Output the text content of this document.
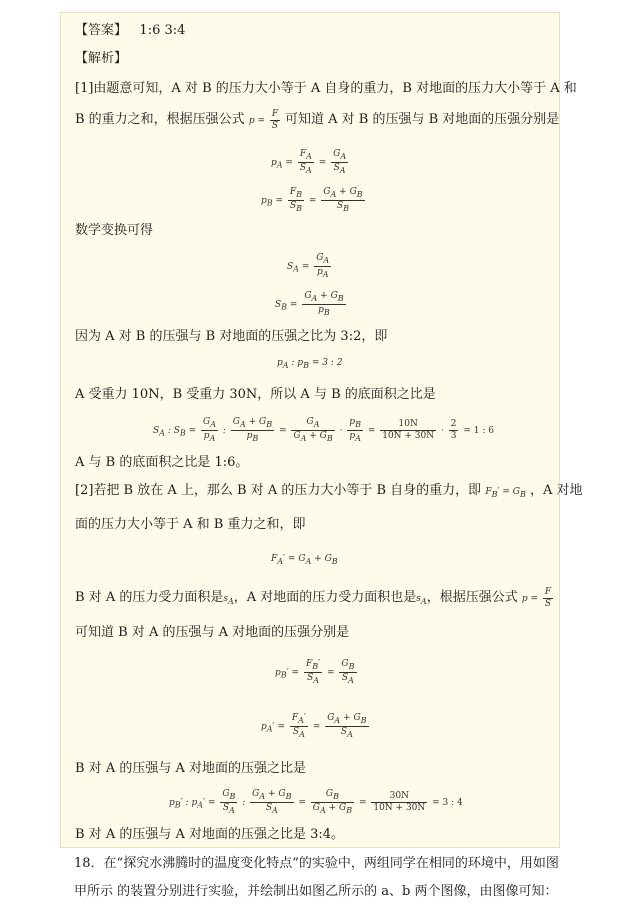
【答案】 1:6 3:4
【解析】
[1]由题意可知，A 对 B 的压力大小等于 A 自身的重力，B 对地面的压力大小等于 A 和
B 的重力之和，根据压强公式 $p = \frac{F}{S}$ 可知道 A 对 B 的压强与 B 对地面的压强分别是
$p_A = \frac{F_A}{S_A} = \frac{G_A}{S_A}$
$p_B = \frac{F_B}{S_B} = \frac{G_A + G_B}{S_B}$
数学变换可得
$S_A = \frac{G_A}{p_A}$
$S_B = \frac{G_A + G_B}{p_B}$
因为 A 对 B 的压强与 B 对地面的压强之比为 3:2，即
$p_A$ : $p_B = 3$ : 2
A 受重力 10N，B 受重力 30N，所以 A 与 B 的底面积之比是
$S_A$ : $S_B = \frac{G_A}{p_A}$ : $\frac{G_A + G_B}{p_B} = \frac{G_A}{G_A + G_B} \cdot \frac{p_B}{p_A} = \frac{10N}{10N + 30N} \cdot \frac{2}{3} = 1$ : 6
A 与 B 的底面积之比是 1:6。
[2]若把 B 放在 A 上，那么 B 对 A 的压力大小等于 B 自身的重力，即 $F_B' = G_B$ ，A 对地
面的压力大小等于 A 和 B 重力之和，即
$F_A' = G_A + G_B$
B 对 A 的压力受力面积是$s_A$，A 对地面的压力受力面积也是$s_A$，根据压强公式 $p = \frac{F}{S}$
可知道 B 对 A 的压强与 A 对地面的压强分别是
$p_B' = \frac{F_B'}{S_A} = \frac{G_B}{S_A}$
$p_A' = \frac{F_A'}{S_A} = \frac{G_A + G_B}{S_A}$
B 对 A 的压强与 A 对地面的压强之比是
$p_B'$ : $p_A' = \frac{G_B}{S_A}$ : $\frac{G_A + G_B}{S_A} = \frac{G_B}{G_A + G_B} = \frac{30N}{10N + 30N} = 3$ : 4
B 对 A 的压强与 A 对地面的压强之比是 3:4。
18．在“探究水沸腾时的温度变化特点”的实验中，两组同学在相同的环境中，用如图
甲所示 的装置分别进行实验，并绘制出如图乙所示的 a、b 两个图像，由图像可知：
